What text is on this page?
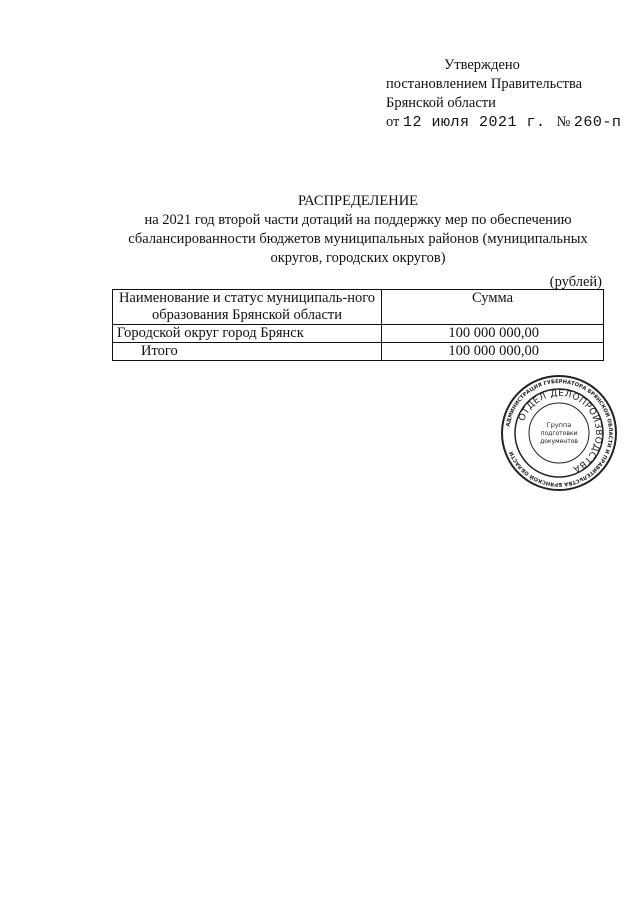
Утверждено
постановлением Правительства
Брянской области
от 12 июля 2021 г. № 260-п
РАСПРЕДЕЛЕНИЕ
на 2021 год второй части дотаций на поддержку мер по обеспечению сбалансированности бюджетов муниципальных районов (муниципальных округов, городских округов)
(рублей)
Наименование и статус муниципаль-ного образования Брянской области	Сумма
Городской округ город Брянск	100 000 000,00
Итого	100 000 000,00
АДМИНИСТРАЦИЯ ГУБЕРНАТОРА БРЯНСКОЙ ОБЛАСТИ И ПРАВИТЕЛЬСТВА БРЯНСКОЙ ОБЛАСТИ
ОТДЕЛ ДЕЛОПРОИЗВОДСТВА
Группа
подготовки
документов
